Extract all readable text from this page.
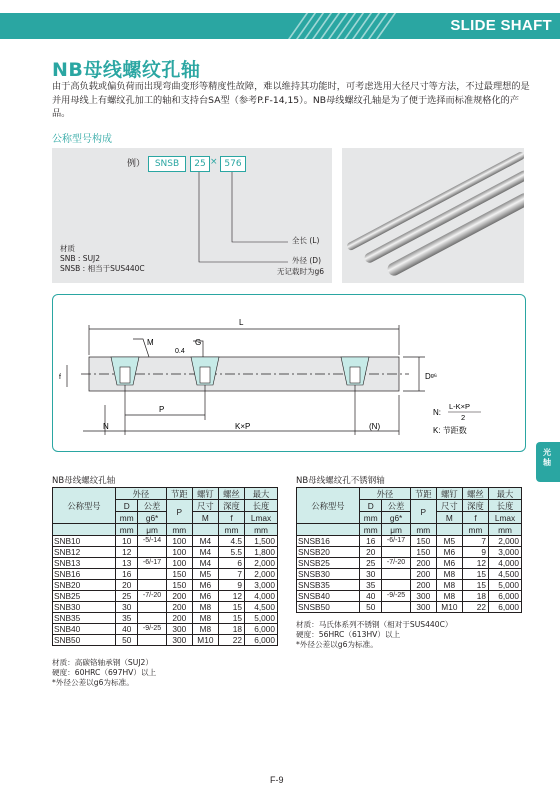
SLIDE SHAFT
NB母线螺纹孔轴
由于高负载或偏负荷而出现弯曲变形等精度性故障，难以维持其功能时，可考虑选用大径尺寸等方法，不过最理想的是并用母线上有螺纹孔加工的轴和支持台SA型（参考P.F-14,15）。NB母线螺纹孔轴是为了便于选择而标准规格化的产品。
公称型号构成
例）	SNSB	25 × 576
全长 (L)
外径 (D)
无记载时为g6
材质
SNB : SUJ2
SNSB : 相当于SUS440C
L
M	G
0.4
P
N	K×P	(N)
f	Dᵍ⁶
N:
L-K×P
2
K: 节距数
光轴
NB母线螺纹孔轴
公称型号	外径		节距	螺钉	螺丝	最大
	D	公差	P	尺寸	深度	长度
	mm	g6*		M	f	Lmax
	mm	μm	mm		mm	mm
SNB10	10	-5/-14	100	M4	4.5	1,500
SNB12	12		100	M4	5.5	1,800
SNB13	13	-6/-17	100	M4	6	2,000
SNB16	16		150	M5	7	2,000
SNB20	20		150	M6	9	3,000
SNB25	25	-7/-20	200	M6	12	4,000
SNB30	30		200	M8	15	4,500
SNB35	35		200	M8	15	5,000
SNB40	40	-9/-25	300	M8	18	6,000
SNB50	50		300	M10	22	6,000
材质：高碳铬轴承钢（SUJ2）
硬度：60HRC（697HV）以上
*外径公差以g6为标准。
NB母线螺纹孔不锈钢轴
公称型号	外径		节距	螺钉	螺丝	最大
	D	公差	P	尺寸	深度	长度
	mm	g6*		M	f	Lmax
	mm	μm	mm		mm	mm
SNSB16	16	-6/-17	150	M5	7	2,000
SNSB20	20		150	M6	9	3,000
SNSB25	25	-7/-20	200	M6	12	4,000
SNSB30	30		200	M8	15	4,500
SNSB35	35		200	M8	15	5,000
SNSB40	40	-9/-25	300	M8	18	6,000
SNSB50	50		300	M10	22	6,000
材质：马氏体系列不锈钢（相对于SUS440C）
硬度：56HRC（613HV）以上
*外径公差以g6为标准。
F-9
